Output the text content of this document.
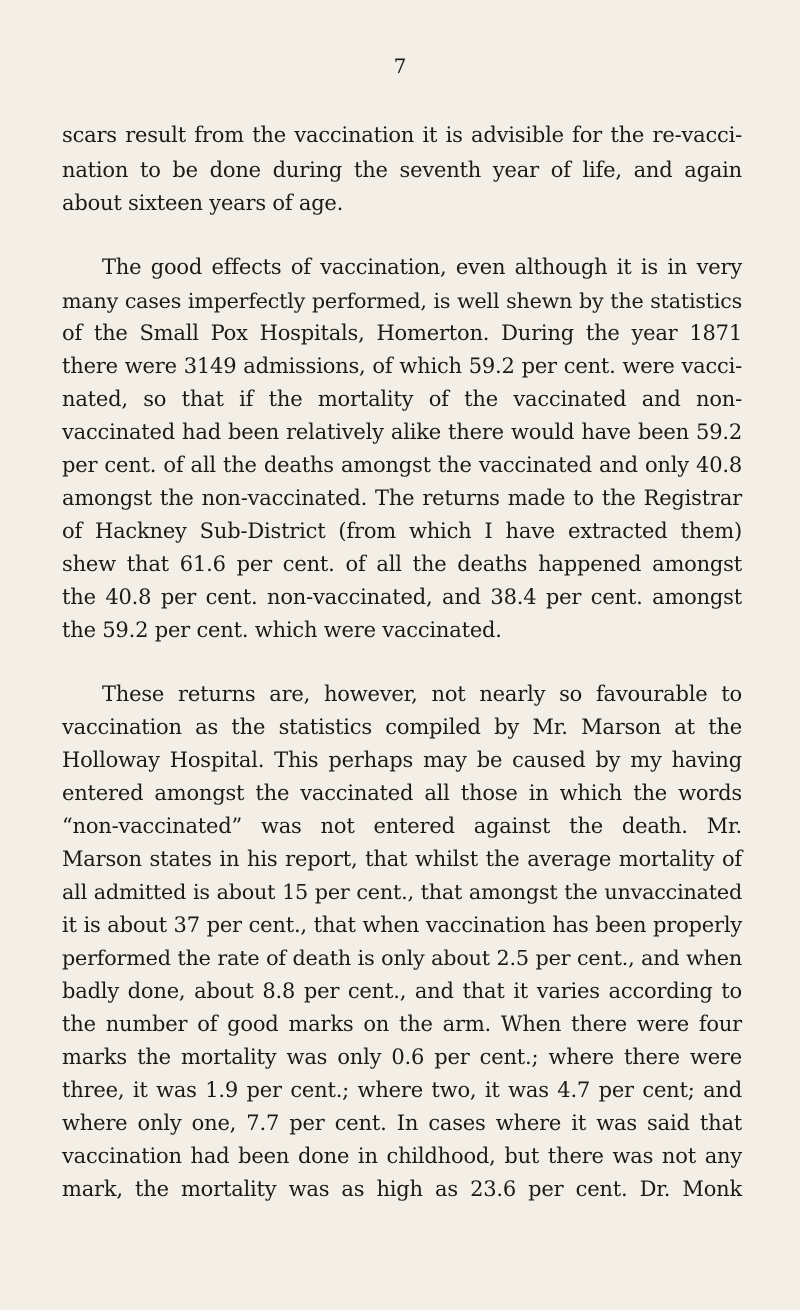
7
scars result from the vaccination it is advisible for the re-vacci-
nation to be done during the seventh year of life, and again
about sixteen years of age.
The good effects of vaccination, even although it is in very
many cases imperfectly performed, is well shewn by the statistics
of the Small Pox Hospitals, Homerton. During the year 1871
there were 3149 admissions, of which 59.2 per cent. were vacci-
nated, so that if the mortality of the vaccinated and non-
vaccinated had been relatively alike there would have been 59.2
per cent. of all the deaths amongst the vaccinated and only 40.8
amongst the non-vaccinated. The returns made to the Registrar
of Hackney Sub-District (from which I have extracted them)
shew that 61.6 per cent. of all the deaths happened amongst
the 40.8 per cent. non-vaccinated, and 38.4 per cent. amongst
the 59.2 per cent. which were vaccinated.
These returns are, however, not nearly so favourable to
vaccination as the statistics compiled by Mr. Marson at the
Holloway Hospital. This perhaps may be caused by my having
entered amongst the vaccinated all those in which the words
“non-vaccinated” was not entered against the death. Mr.
Marson states in his report, that whilst the average mortality of
all admitted is about 15 per cent., that amongst the unvaccinated
it is about 37 per cent., that when vaccination has been properly
performed the rate of death is only about 2.5 per cent., and when
badly done, about 8.8 per cent., and that it varies according to
the number of good marks on the arm. When there were four
marks the mortality was only 0.6 per cent.; where there were
three, it was 1.9 per cent.; where two, it was 4.7 per cent; and
where only one, 7.7 per cent. In cases where it was said that
vaccination had been done in childhood, but there was not any
mark, the mortality was as high as 23.6 per cent. Dr. Monk
